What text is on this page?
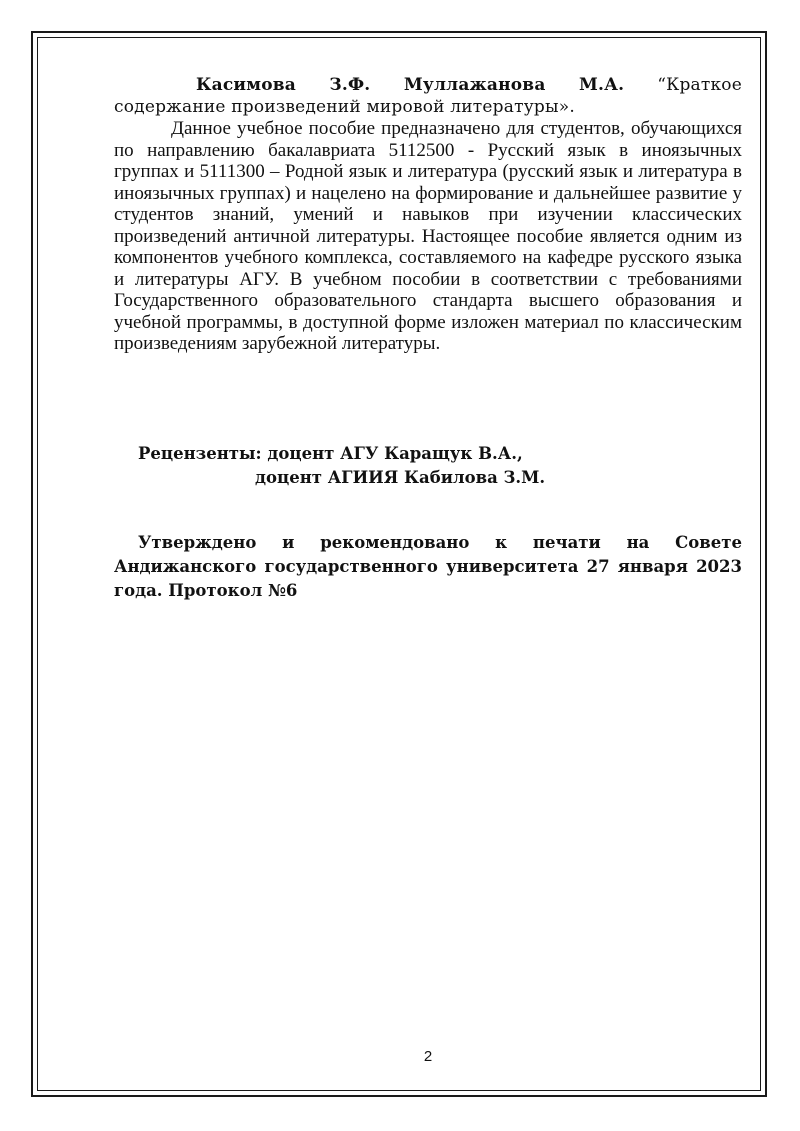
Касимова З.Ф. Муллажанова М.А. “Краткое содержание произведений мировой литературы».

Данное учебное пособие предназначено для студентов, обучающихся по направлению бакалавриата 5112500 - Русский язык в иноязычных группах и 5111300 – Родной язык и литература (русский язык и литература в иноязычных группах) и нацелено на формирование и дальнейшее развитие у студентов знаний, умений и навыков при изучении классических произведений античной литературы. Настоящее пособие является одним из компонентов учебного комплекса, составляемого на кафедре русского языка и литературы АГУ. В учебном пособии в соответствии с требованиями Государственного образовательного стандарта высшего образования и учебной программы, в доступной форме изложен материал по классическим произведениям зарубежной литературы.

Рецензенты: доцент АГУ Каращук В.А.,
доцент АГИИЯ Кабилова З.М.

Утверждено и рекомендовано к печати на Совете Андижанского государственного университета 27 января 2023 года. Протокол №6

2
